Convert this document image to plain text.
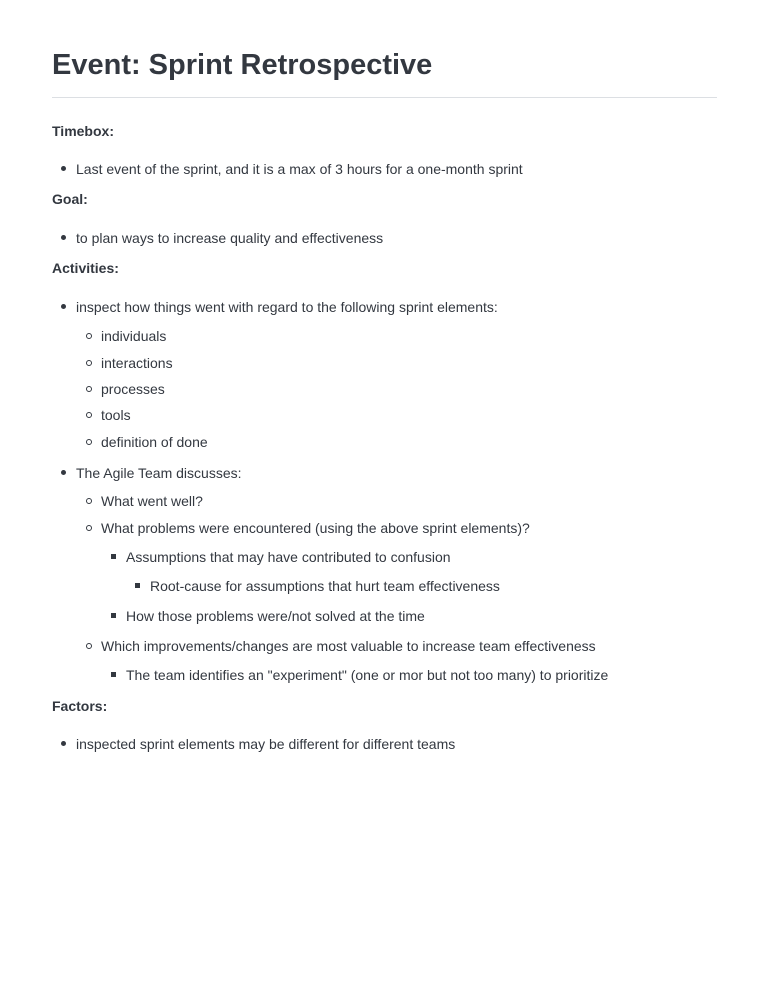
Event: Sprint Retrospective
Timebox:
Last event of the sprint, and it is a max of 3 hours for a one-month sprint
Goal:
to plan ways to increase quality and effectiveness
Activities:
inspect how things went with regard to the following sprint elements:
individuals
interactions
processes
tools
definition of done
The Agile Team discusses:
What went well?
What problems were encountered (using the above sprint elements)?
Assumptions that may have contributed to confusion
Root-cause for assumptions that hurt team effectiveness
How those problems were/not solved at the time
Which improvements/changes are most valuable to increase team effectiveness
The team identifies an "experiment" (one or mor but not too many) to prioritize
Factors:
inspected sprint elements may be different for different teams
